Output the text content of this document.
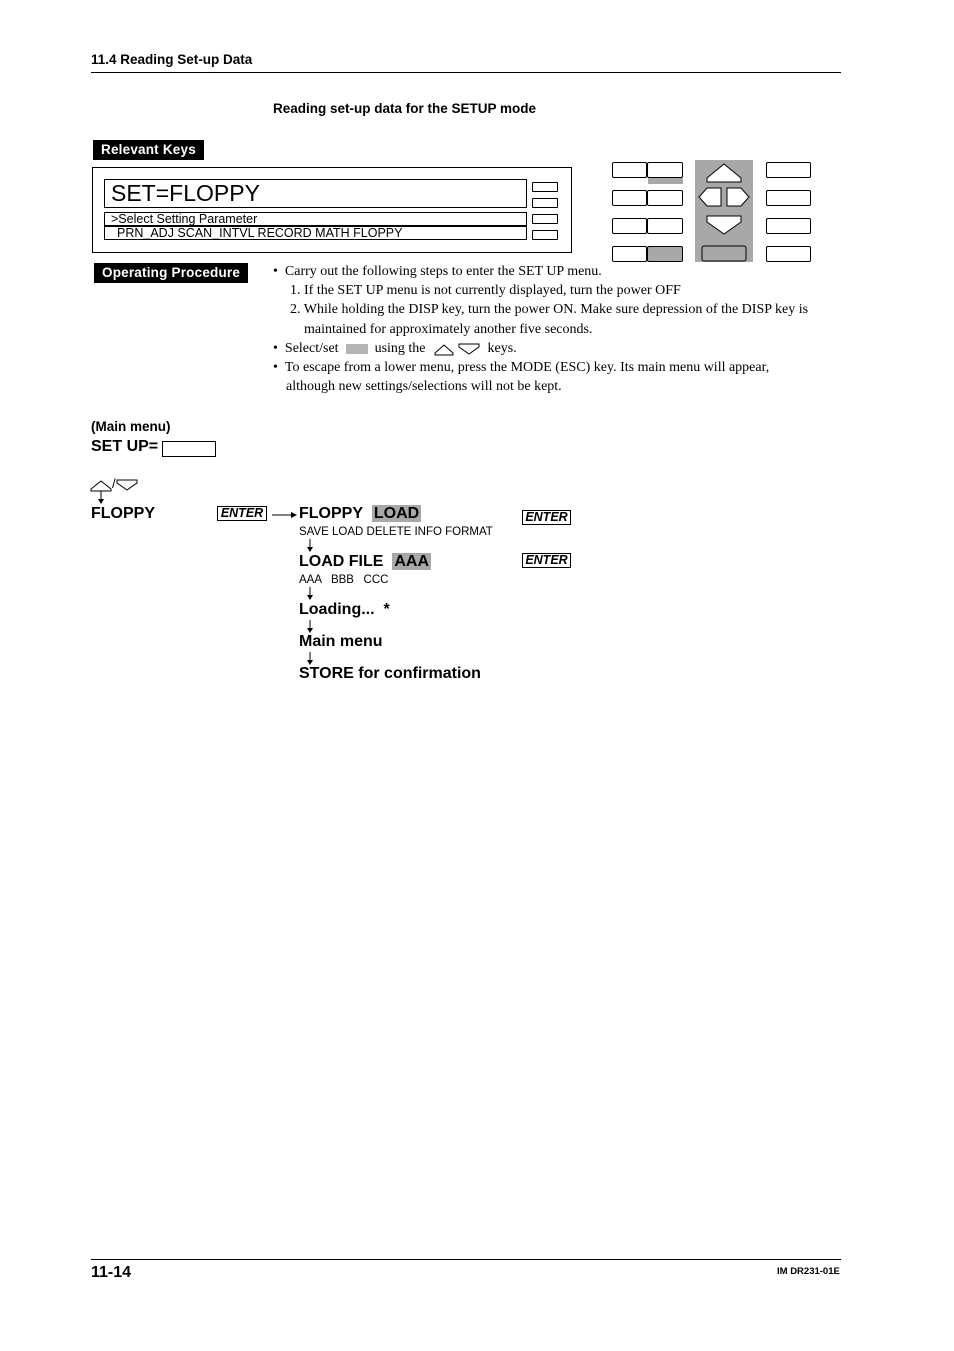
11.4 Reading Set-up Data
Reading set-up data for the SETUP mode
Relevant Keys
SET=FLOPPY
>Select Setting Parameter
PRN_ADJ SCAN_INTVL RECORD MATH FLOPPY
Operating Procedure	•  Carry out the following steps to enter the SET UP menu.
1. If the SET UP menu is not currently displayed, turn the power OFF
2. While holding the DISP key, turn the power ON. Make sure depression of the DISP key is
maintained for approximately another five seconds.
•  Select/set	using the	keys.
•  To escape from a lower menu, press the MODE (ESC) key. Its main menu will appear,
although new settings/selections will not be kept.
(Main menu)
SET UP=
/
FLOPPY	ENTER FLOPPY LOAD	ENTER
SAVE LOAD DELETE INFO FORMAT
LOAD FILE AAA	ENTER
AAA   BBB   CCC
Loading...  *
Main menu
STORE for confirmation
11-14	IM DR231-01E
